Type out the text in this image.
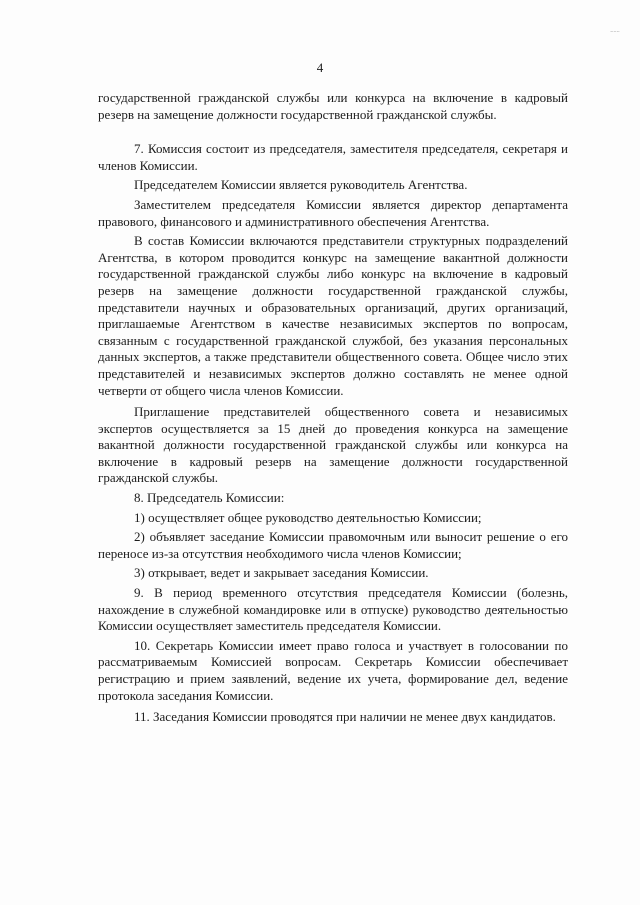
~~~
4

государственной гражданской службы или конкурса на включение в кадровый резерв на замещение должности государственной гражданской службы.

7. Комиссия состоит из председателя, заместителя председателя, секретаря и членов Комиссии.

Председателем Комиссии является руководитель Агентства.

Заместителем председателя Комиссии является директор департамента правового, финансового и административного обеспечения Агентства.

В состав Комиссии включаются представители структурных подразделений Агентства, в котором проводится конкурс на замещение вакантной должности государственной гражданской службы либо конкурс на включение в кадровый резерв на замещение должности государственной гражданской службы, представители научных и образовательных организаций, других организаций, приглашаемые Агентством в качестве независимых экспертов по вопросам, связанным с государственной гражданской службой, без указания персональных данных экспертов, а также представители общественного совета. Общее число этих представителей и независимых экспертов должно составлять не менее одной четверти от общего числа членов Комиссии.

Приглашение представителей общественного совета и независимых экспертов осуществляется за 15 дней до проведения конкурса на замещение вакантной должности государственной гражданской службы или конкурса на включение в кадровый резерв на замещение должности государственной гражданской службы.

8. Председатель Комиссии:

1) осуществляет общее руководство деятельностью Комиссии;

2) объявляет заседание Комиссии правомочным или выносит решение о его переносе из-за отсутствия необходимого числа членов Комиссии;

3) открывает, ведет и закрывает заседания Комиссии.

9. В период временного отсутствия председателя Комиссии (болезнь, нахождение в служебной командировке или в отпуске) руководство деятельностью Комиссии осуществляет заместитель председателя Комиссии.

10. Секретарь Комиссии имеет право голоса и участвует в голосовании по рассматриваемым Комиссией вопросам. Секретарь Комиссии обеспечивает регистрацию и прием заявлений, ведение их учета, формирование дел, ведение протокола заседания Комиссии.

11. Заседания Комиссии проводятся при наличии не менее двух кандидатов.
